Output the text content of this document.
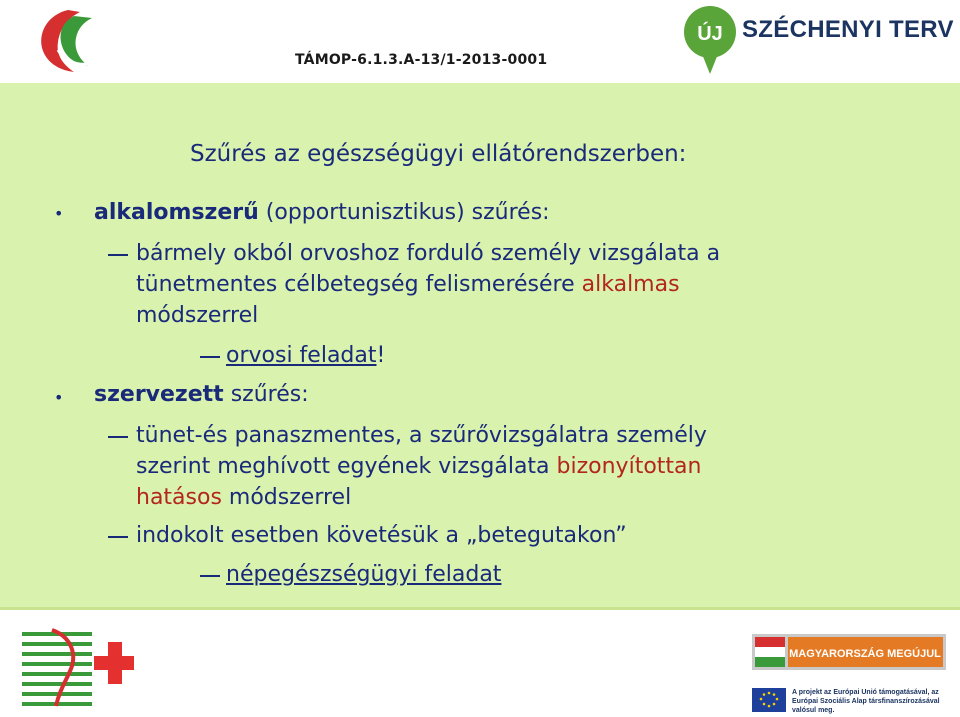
TÁMOP-6.1.3.A-13/1-2013-0001
ÚJ SZÉCHENYI TERV
Szűrés az egészségügyi ellátórendszerben:
• alkalomszerű (opportunisztikus) szűrés:
bármely okból orvoshoz forduló személy vizsgálata a
tünetmentes célbetegség felismerésére alkalmas
módszerrel
orvosi feladat!
• szervezett szűrés:
tünet-és panaszmentes, a szűrővizsgálatra személy
szerint meghívott egyének vizsgálata bizonyítottan
hatásos módszerrel
indokolt esetben követésük a „betegutakon”
népegészségügyi feladat
MAGYARORSZÁG MEGÚJUL
A projekt az Európai Unió támogatásával, az Európai Szociális Alap társfinanszírozásával valósul meg.
